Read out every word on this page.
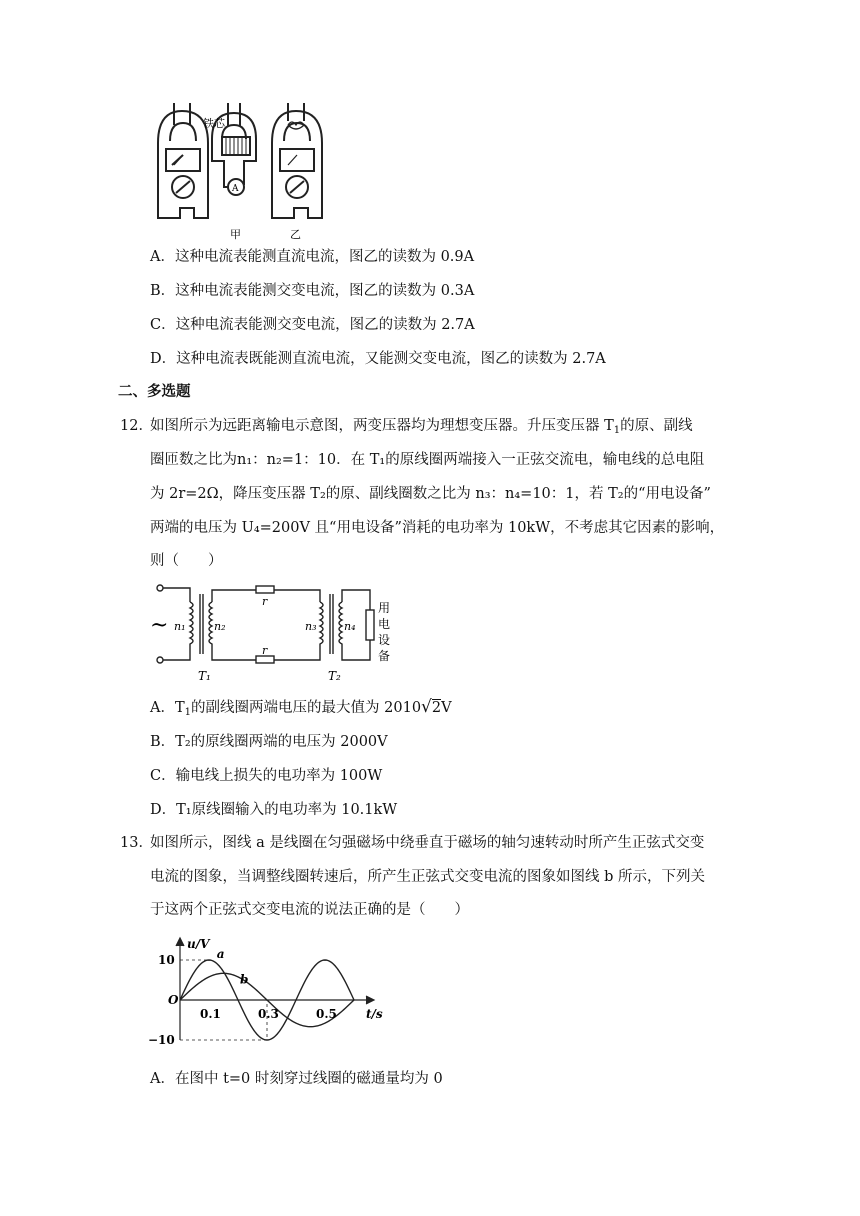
铁芯
A
甲	乙
A．这种电流表能测直流电流，图乙的读数为 0.9A
B．这种电流表能测交变电流，图乙的读数为 0.3A
C．这种电流表能测交变电流，图乙的读数为 2.7A
D．这种电流表既能测直流电流，又能测交变电流，图乙的读数为 2.7A
二、多选题
12．
如图所示为远距离输电示意图，两变压器均为理想变压器。升压变压器 $T_1$的原、副线
圈匝数之比为n₁：n₂=1：10．在 T₁的原线圈两端接入一正弦交流电，输电线的总电阻
为 2r=2Ω，降压变压器 T₂的原、副线圈数之比为 n₃：n₄=10：1，若 T₂的“用电设备”
两端的电压为 U₄=200V 且“用电设备”消耗的电功率为 10kW，不考虑其它因素的影响，
则（　　）
~ n₁	n₂	n₃	n₄
r
r
T₁	T₂
用
电
设
备
A．$T_1$的副线圈两端电压的最大值为 2010√2V
B．T₂的原线圈两端的电压为 2000V
C．输电线上损失的电功率为 100W
D．T₁原线圈输入的电功率为 10.1kW
13．
如图所示，图线 a 是线圈在匀强磁场中绕垂直于磁场的轴匀速转动时所产生正弦式交变
电流的图象，当调整线圈转速后，所产生正弦式交变电流的图象如图线 b 所示，下列关
于这两个正弦式交变电流的说法正确的是（　　）
u/V
t/s
O
0.1	0.3	0.5
10
−10
a
b
A．在图中 t=0 时刻穿过线圈的磁通量均为 0
